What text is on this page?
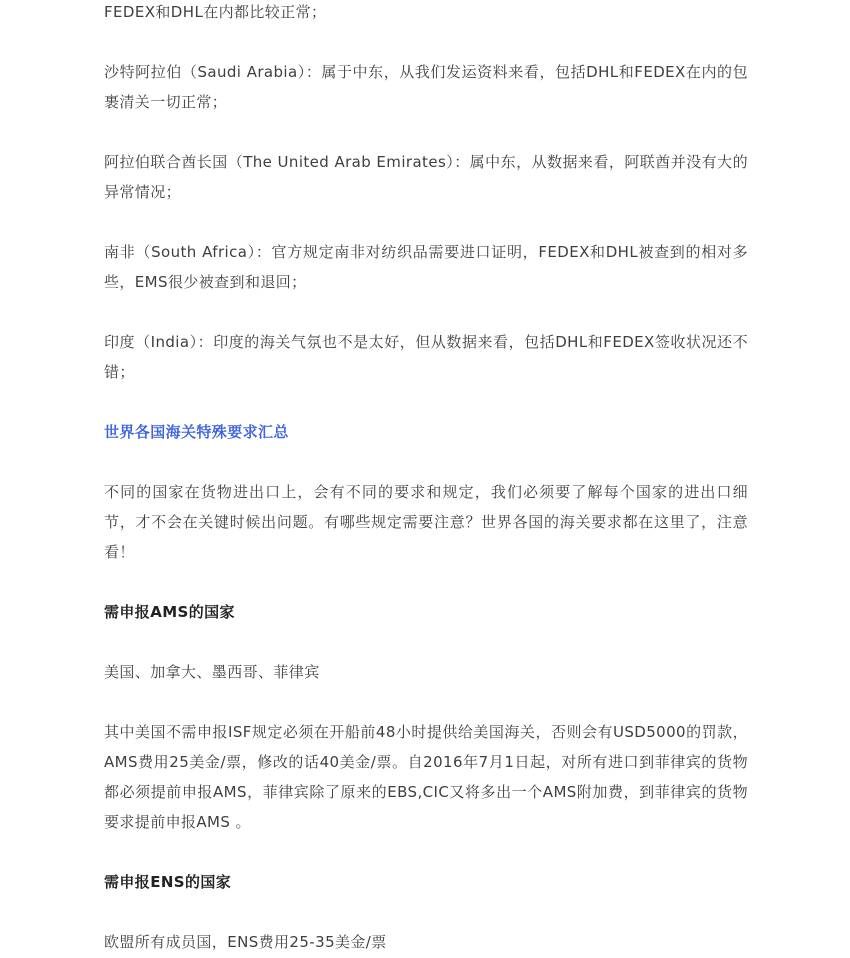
FEDEX和DHL在内都比较正常；

沙特阿拉伯（Saudi Arabia）：属于中东，从我们发运资料来看，包括DHL和FEDEX在内的包裹清关一切正常；

阿拉伯联合酋长国（The United Arab Emirates）：属中东，从数据来看，阿联酋并没有大的异常情况；

南非（South Africa）：官方规定南非对纺织品需要进口证明，FEDEX和DHL被查到的相对多些，EMS很少被查到和退回；

印度（India）：印度的海关气氛也不是太好，但从数据来看，包括DHL和FEDEX签收状况还不错；

世界各国海关特殊要求汇总

不同的国家在货物进出口上，会有不同的要求和规定，我们必须要了解每个国家的进出口细节，才不会在关键时候出问题。有哪些规定需要注意？世界各国的海关要求都在这里了，注意看！

需申报AMS的国家

美国、加拿大、墨西哥、菲律宾

其中美国不需申报ISF规定必须在开船前48小时提供给美国海关，否则会有USD5000的罚款，AMS费用25美金/票，修改的话40美金/票。自2016年7月1日起，对所有进口到菲律宾的货物都必须提前申报AMS，菲律宾除了原来的EBS,CIC又将多出一个AMS附加费，到菲律宾的货物要求提前申报AMS 。

需申报ENS的国家

欧盟所有成员国，ENS费用25-35美金/票
